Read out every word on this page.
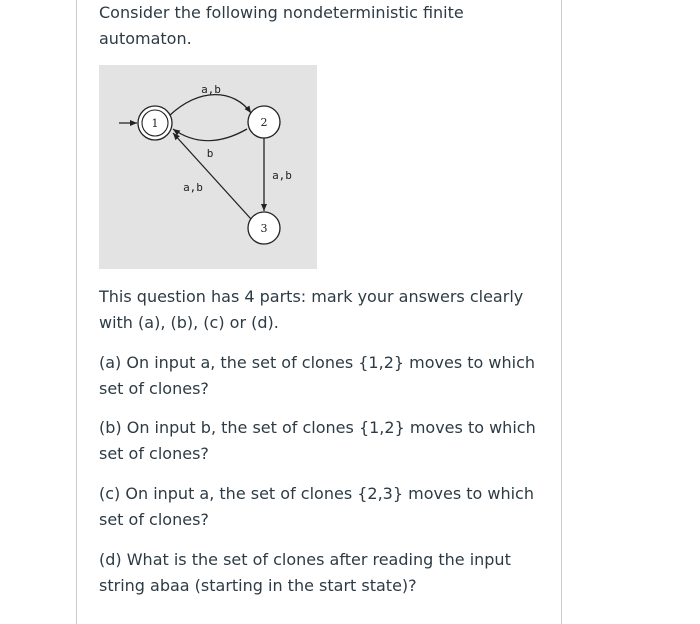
Consider the following nondeterministic finite automaton.

1	2
3
a,b
b
a,b
a,b

This question has 4 parts: mark your answers clearly with (a), (b), (c) or (d).

(a) On input a, the set of clones {1,2} moves to which set of clones?

(b) On input b, the set of clones {1,2} moves to which set of clones?

(c) On input a, the set of clones {2,3} moves to which set of clones?

(d) What is the set of clones after reading the input string abaa (starting in the start state)?
